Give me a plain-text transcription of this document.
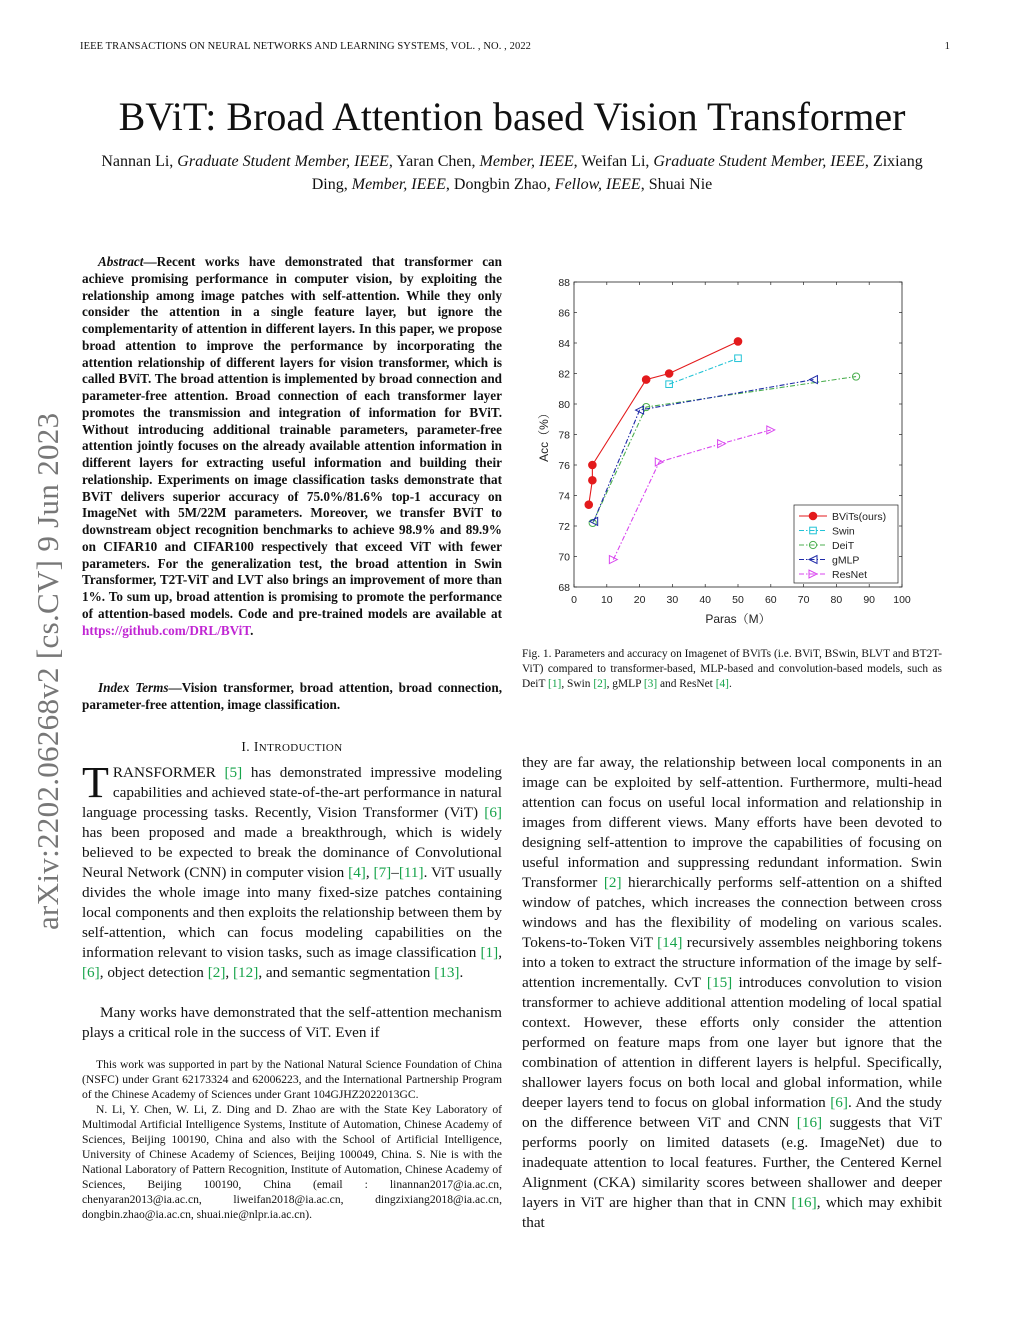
IEEE TRANSACTIONS ON NEURAL NETWORKS AND LEARNING SYSTEMS, VOL. , NO. , 2022	1
BViT: Broad Attention based Vision Transformer
Nannan Li, Graduate Student Member, IEEE, Yaran Chen, Member, IEEE, Weifan Li, Graduate Student Member, IEEE, Zixiang Ding, Member, IEEE, Dongbin Zhao, Fellow, IEEE, Shuai Nie
arXiv:2202.06268v2 [cs.CV] 9 Jun 2023
Abstract—Recent works have demonstrated that transformer can achieve promising performance in computer vision, by exploiting the relationship among image patches with self-attention. While they only consider the attention in a single feature layer, but ignore the complementarity of attention in different layers. In this paper, we propose broad attention to improve the performance by incorporating the attention relationship of different layers for vision transformer, which is called BViT. The broad attention is implemented by broad connection and parameter-free attention. Broad connection of each transformer layer promotes the transmission and integration of information for BViT. Without introducing additional trainable parameters, parameter-free attention jointly focuses on the already available attention information in different layers for extracting useful information and building their relationship. Experiments on image classification tasks demonstrate that BViT delivers superior accuracy of 75.0%/81.6% top-1 accuracy on ImageNet with 5M/22M parameters. Moreover, we transfer BViT to downstream object recognition benchmarks to achieve 98.9% and 89.9% on CIFAR10 and CIFAR100 respectively that exceed ViT with fewer parameters. For the generalization test, the broad attention in Swin Transformer, T2T-ViT and LVT also brings an improvement of more than 1%. To sum up, broad attention is promising to promote the performance of attention-based models. Code and pre-trained models are available at https://github.com/DRL/BViT.
Index Terms—Vision transformer, broad attention, broad connection, parameter-free attention, image classification.
I. INTRODUCTION
TRANSFORMER [5] has demonstrated impressive modeling capabilities and achieved state-of-the-art performance in natural language processing tasks. Recently, Vision Transformer (ViT) [6] has been proposed and made a breakthrough, which is widely believed to be expected to break the dominance of Convolutional Neural Network (CNN) in computer vision [4], [7]–[11]. ViT usually divides the whole image into many fixed-size patches containing local components and then exploits the relationship between them by self-attention, which can focus modeling capabilities on the information relevant to vision tasks, such as image classification [1], [6], object detection [2], [12], and semantic segmentation [13].
Many works have demonstrated that the self-attention mechanism plays a critical role in the success of ViT. Even if

This work was supported in part by the National Natural Science Foundation of China (NSFC) under Grant 62173324 and 62006223, and the International Partnership Program of the Chinese Academy of Sciences under Grant 104GJHZ2022013GC.

N. Li, Y. Chen, W. Li, Z. Ding and D. Zhao are with the State Key Laboratory of Multimodal Artificial Intelligence Systems, Institute of Automation, Chinese Academy of Sciences, Beijing 100190, China and also with the School of Artificial Intelligence, University of Chinese Academy of Sciences, Beijing 100049, China. S. Nie is with the National Laboratory of Pattern Recognition, Institute of Automation, Chinese Academy of Sciences, Beijing 100190, China (email : linannan2017@ia.ac.cn, chenyaran2013@ia.ac.cn, liweifan2018@ia.ac.cn, dingzixiang2018@ia.ac.cn, dongbin.zhao@ia.ac.cn, shuai.nie@nlpr.ia.ac.cn).

0 10 20 30 40 50 60 70 80 90 100
68
70
72
74
76
78
80
82
84
86
88
Paras（M）
Acc（%）
BViTs(ours)
Swin
DeiT
gMLP
ResNet
Fig. 1. Parameters and accuracy on Imagenet of BViTs (i.e. BViT, BSwin, BLVT and BT2T-ViT) compared to transformer-based, MLP-based and convolution-based models, such as DeiT [1], Swin [2], gMLP [3] and ResNet [4].
they are far away, the relationship between local components in an image can be exploited by self-attention. Furthermore, multi-head attention can focus on useful local information and relationship in images from different views. Many efforts have been devoted to designing self-attention to improve the capabilities of focusing on useful information and suppressing redundant information. Swin Transformer [2] hierarchically performs self-attention on a shifted window of patches, which increases the connection between cross windows and has the flexibility of modeling on various scales. Tokens-to-Token ViT [14] recursively assembles neighboring tokens into a token to extract the structure information of the image by self-attention incrementally. CvT [15] introduces convolution to vision transformer to achieve additional attention modeling of local spatial context. However, these efforts only consider the attention performed on feature maps from one layer but ignore that the combination of attention in different layers is helpful. Specifically, shallower layers focus on both local and global information, while deeper layers tend to focus on global information [6]. And the study on the difference between ViT and CNN [16] suggests that ViT performs poorly on limited datasets (e.g. ImageNet) due to inadequate attention to local features. Further, the Centered Kernel Alignment (CKA) similarity scores between shallower and deeper layers in ViT are higher than that in CNN [16], which may exhibit that
